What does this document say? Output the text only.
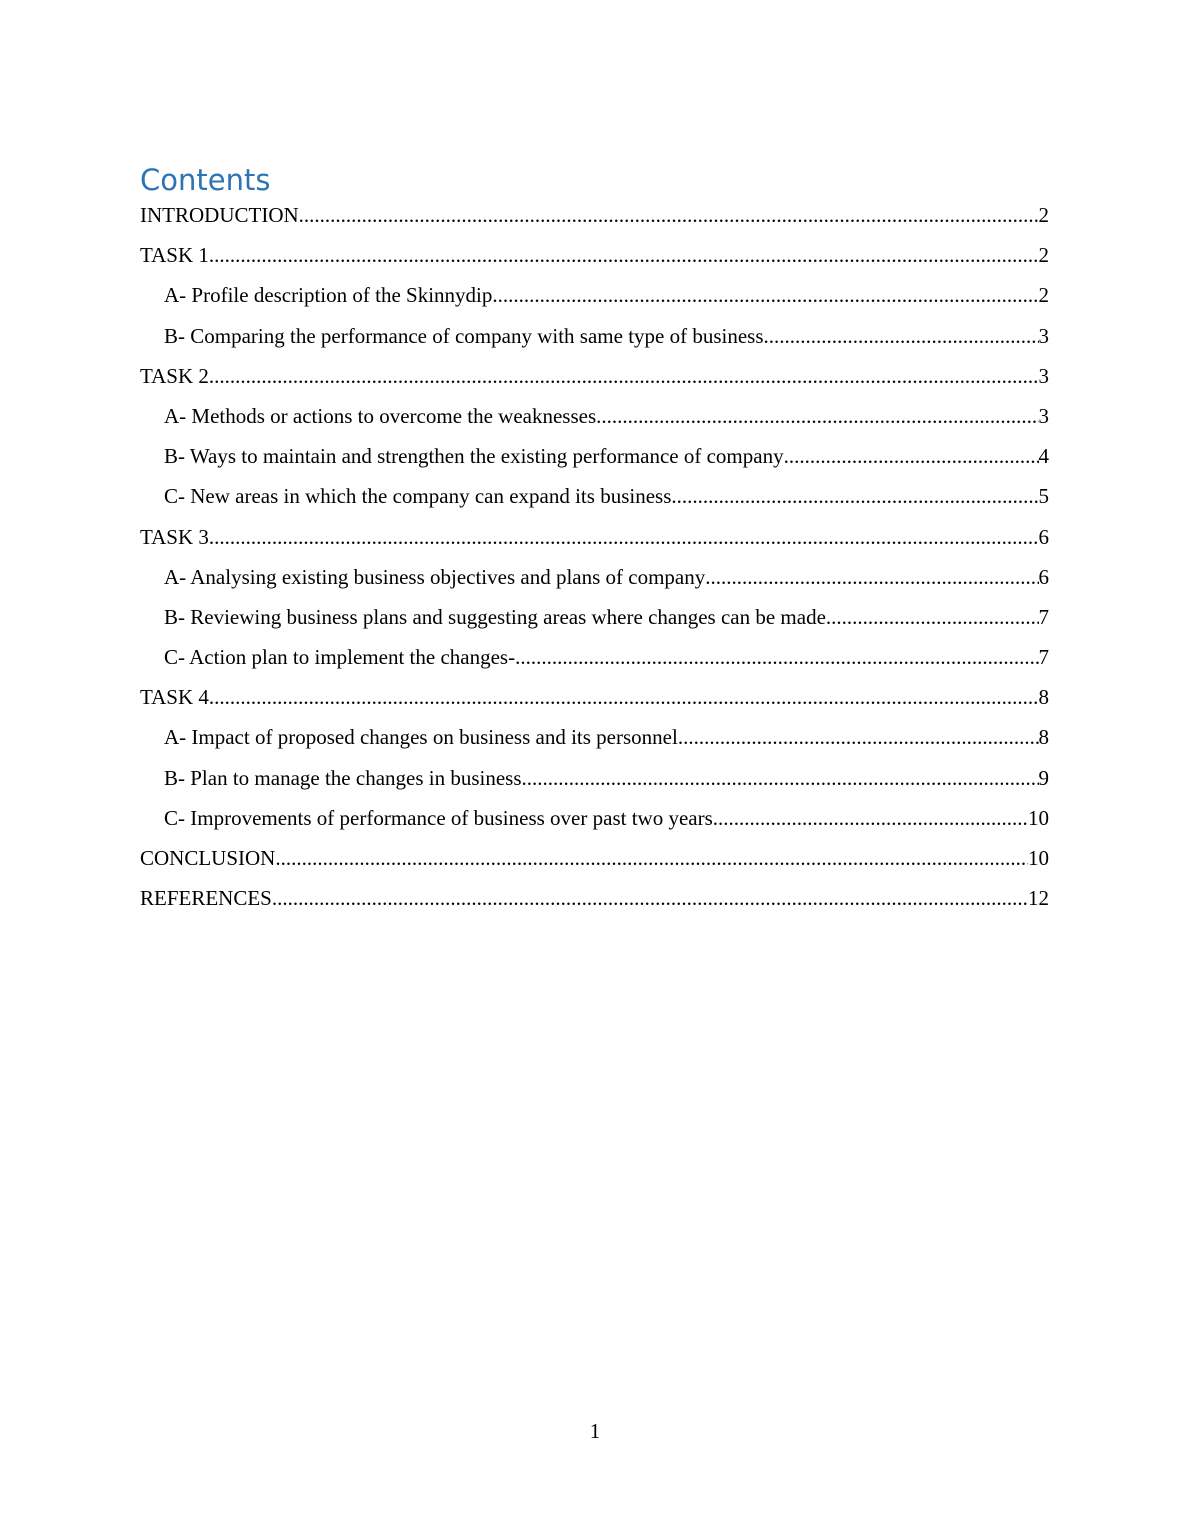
Contents
INTRODUCTION .....	2
TASK 1 .....	2
A- Profile description of the Skinnydip .....	2
B- Comparing the performance of company with same type of business .....	3
TASK 2 .....	3
A- Methods or actions to overcome the weaknesses .....	3
B- Ways to maintain and strengthen the existing performance of company .....	4
C- New areas in which the company can expand its business .....	5
TASK 3 .....	6
A- Analysing existing business objectives and plans of company .....	6
B- Reviewing business plans and suggesting areas where changes can be made .....	7
C- Action plan to implement the changes- .....	7
TASK 4 .....	8
A- Impact of proposed changes on business and its personnel .....	8
B- Plan to manage the changes in business .....	9
C- Improvements of performance of business over past two years .....	10
CONCLUSION .....	10
REFERENCES .....	12
1
